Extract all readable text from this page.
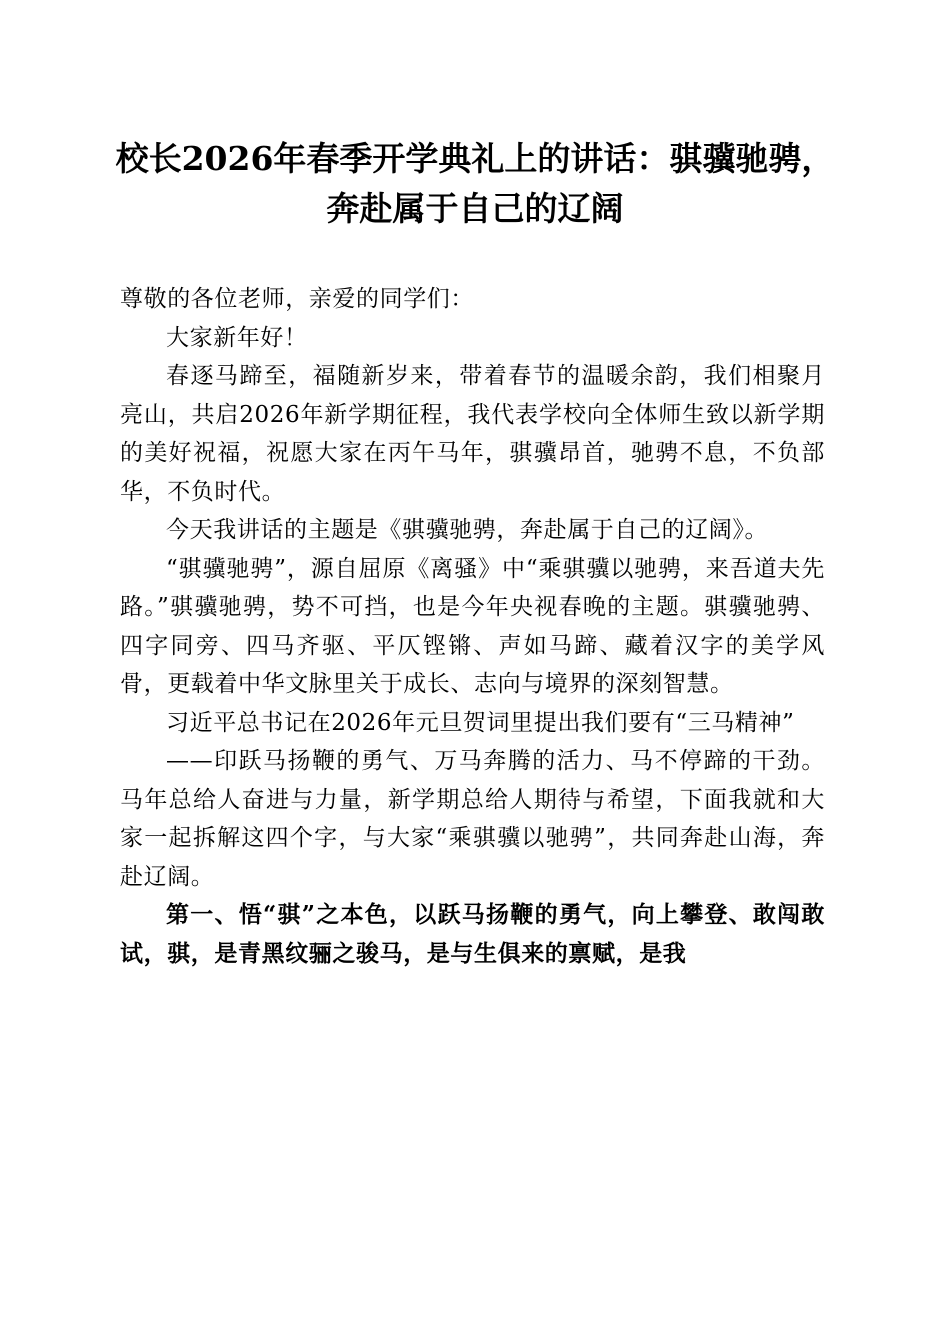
校长2026年春季开学典礼上的讲话：骐骥驰骋，奔赴属于自己的辽阔

尊敬的各位老师，亲爱的同学们：

大家新年好！

春逐马蹄至，福随新岁来，带着春节的温暖余韵，我们相聚月亮山，共启2026年新学期征程，我代表学校向全体师生致以新学期的美好祝福，祝愿大家在丙午马年，骐骥昂首，驰骋不息，不负部华，不负时代。

今天我讲话的主题是《骐骥驰骋，奔赴属于自己的辽阔》。

“骐骥驰骋”，源自屈原《离骚》中“乘骐骥以驰骋，来吾道夫先路。”骐骥驰骋，势不可挡，也是今年央视春晚的主题。骐骥驰骋、四字同旁、四马齐驱、平仄铿锵、声如马蹄、藏着汉字的美学风骨，更载着中华文脉里关于成长、志向与境界的深刻智慧。

习近平总书记在2026年元旦贺词里提出我们要有“三马精神”

——印跃马扬鞭的勇气、万马奔腾的活力、马不停蹄的干劲。马年总给人奋进与力量，新学期总给人期待与希望，下面我就和大家一起拆解这四个字，与大家“乘骐骥以驰骋”，共同奔赴山海，奔赴辽阔。

第一、悟“骐”之本色，以跃马扬鞭的勇气，向上攀登、敢闯敢试，骐，是青黑纹骊之骏马，是与生俱来的禀赋，是我
